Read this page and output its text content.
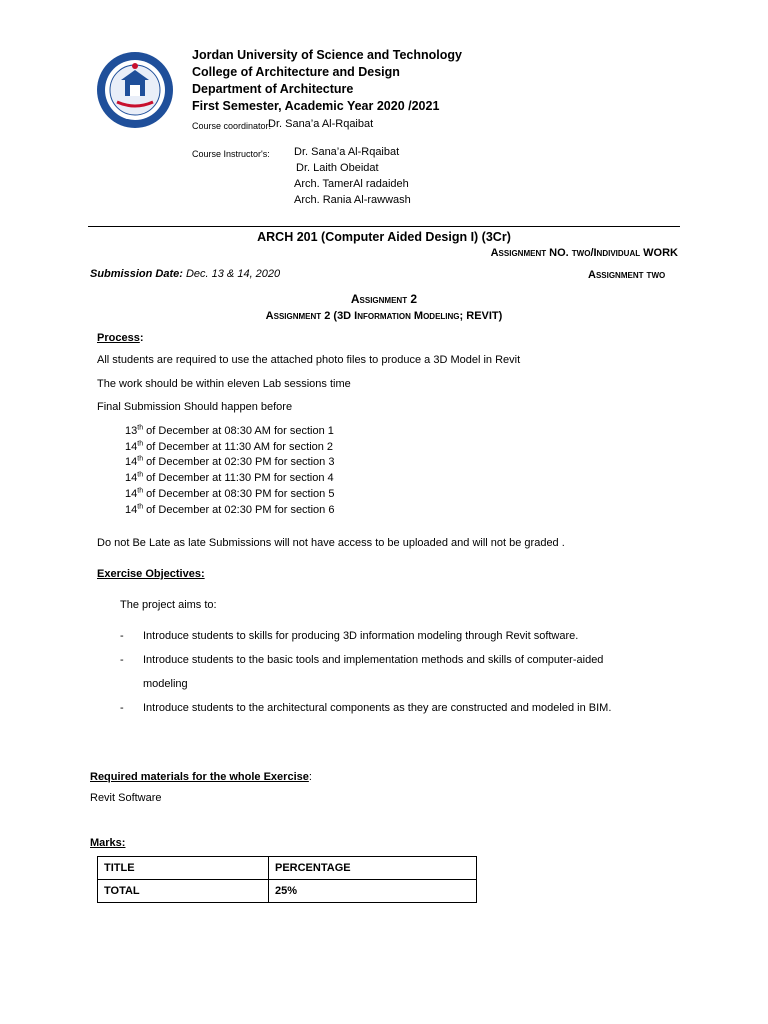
Jordan University of Science and Technology
College of Architecture and Design
Department of Architecture
First Semester, Academic Year 2020 /2021
Course coordinator:
Dr. Sana’a Al-Rqaibat
Course Instructor's: Dr. Sana’a Al-Rqaibat
Dr. Laith Obeidat
Arch. TamerAl radaideh
Arch. Rania Al-rawwash
ARCH 201 (Computer Aided Design I) (3Cr)
Assignment NO. two/Individual WORK
Submission Date: Dec. 13 & 14, 2020	Assignment two
Assignment 2
Assignment 2 (3D Information Modeling; REVIT)
Process:
All students are required to use the attached photo files to produce a 3D Model in Revit
The work should be within eleven Lab sessions time
Final Submission Should happen before
13th of December at 08:30 AM for section 1
14th of December at 11:30 AM for section 2
14th of December at 02:30 PM for section 3
14th of December at 11:30 PM for section 4
14th of December at 08:30 PM for section 5
14th of December at 02:30 PM for section 6
Do not Be Late as late Submissions will not have access to be uploaded and will not be graded .
Exercise Objectives:
The project aims to:
- Introduce students to skills for producing 3D information modeling through Revit software.
- Introduce students to the basic tools and implementation methods and skills of computer-aided
modeling
- Introduce students to the architectural components as they are constructed and modeled in BIM.
Required materials for the whole Exercise:
Revit Software
Marks:
TITLE	PERCENTAGE
TOTAL	25%
